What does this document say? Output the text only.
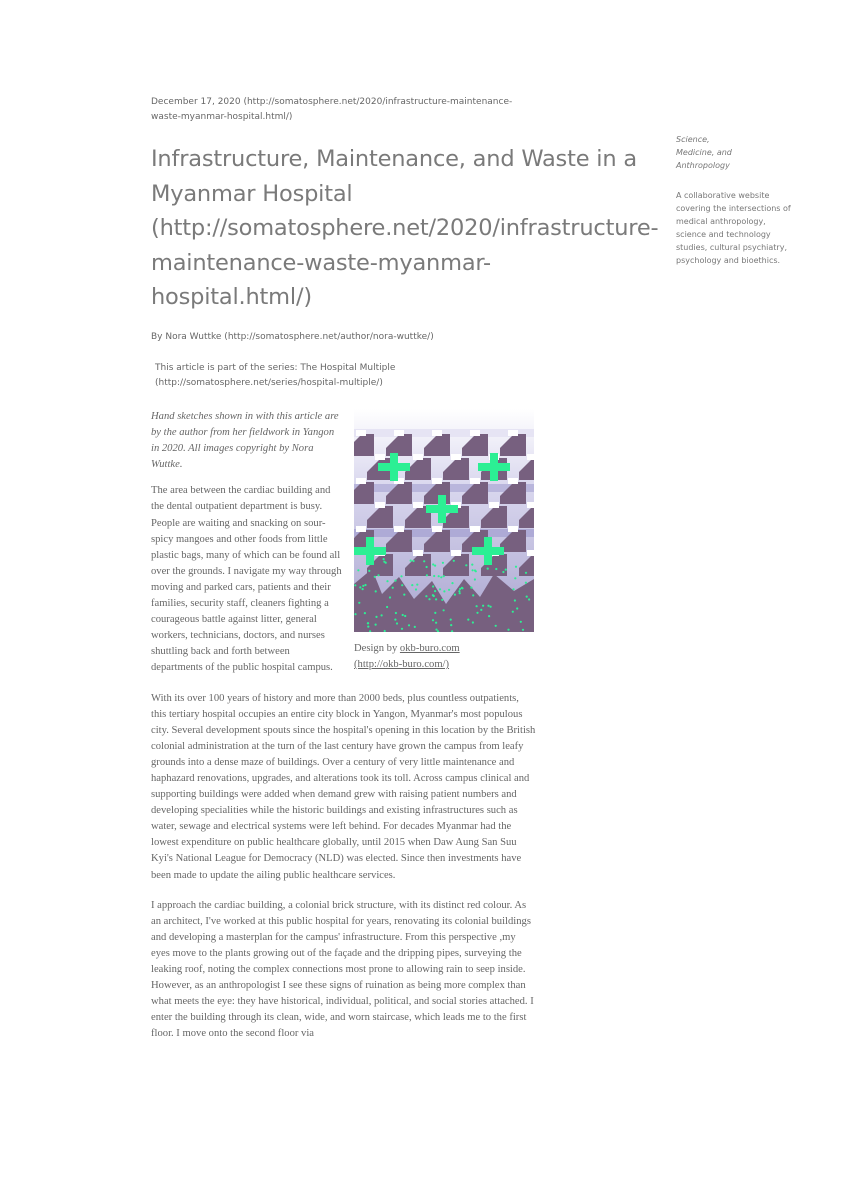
December 17, 2020 (http://somatosphere.net/2020/infrastructure-maintenance-waste-myanmar-hospital.html/)
Infrastructure, Maintenance, and Waste in a Myanmar Hospital (http://somatosphere.net/2020/infrastructure-maintenance-waste-myanmar-hospital.html/)
By Nora Wuttke (http://somatosphere.net/author/nora-wuttke/)
This article is part of the series: The Hospital Multiple
(http://somatosphere.net/series/hospital-multiple/)
Science,
Medicine, and
Anthropology
A collaborative website covering the intersections of medical anthropology, science and technology studies, cultural psychiatry, psychology and bioethics.
Design by okb-buro.com
(http://okb-buro.com/)

Hand sketches shown in with this article are by the author from her fieldwork in Yangon in 2020. All images copyright by Nora Wuttke.

The area between the cardiac building and the dental outpatient department is busy. People are waiting and snacking on sour-spicy mangoes and other foods from little plastic bags, many of which can be found all over the grounds. I navigate my way through moving and parked cars, patients and their families, security staff, cleaners fighting a courageous battle against litter, general workers, technicians, doctors, and nurses shuttling back and forth between departments of the public hospital campus.

With its over 100 years of history and more than 2000 beds, plus countless outpatients, this tertiary hospital occupies an entire city block in Yangon, Myanmar's most populous city. Several development spouts since the hospital's opening in this location by the British colonial administration at the turn of the last century have grown the campus from leafy grounds into a dense maze of buildings. Over a century of very little maintenance and haphazard renovations, upgrades, and alterations took its toll. Across campus clinical and supporting buildings were added when demand grew with raising patient numbers and developing specialities while the historic buildings and existing infrastructures such as water, sewage and electrical systems were left behind. For decades Myanmar had the lowest expenditure on public healthcare globally, until 2015 when Daw Aung San Suu Kyi's National League for Democracy (NLD) was elected. Since then investments have been made to update the ailing public healthcare services.

I approach the cardiac building, a colonial brick structure, with its distinct red colour. As an architect, I've worked at this public hospital for years, renovating its colonial buildings and developing a masterplan for the campus' infrastructure. From this perspective ,my eyes move to the plants growing out of the façade and the dripping pipes, surveying the leaking roof, noting the complex connections most prone to allowing rain to seep inside. However, as an anthropologist I see these signs of ruination as being more complex than what meets the eye: they have historical, individual, political, and social stories attached. I enter the building through its clean, wide, and worn staircase, which leads me to the first floor. I move onto the second floor via
